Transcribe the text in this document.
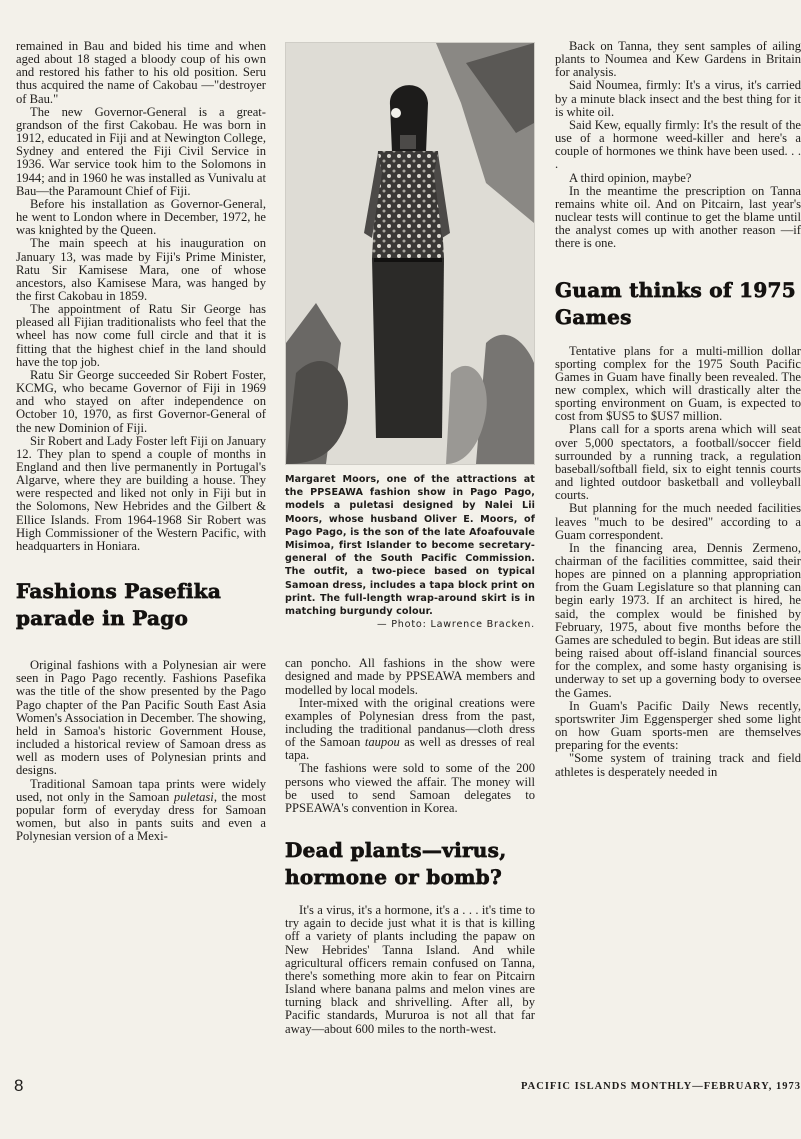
remained in Bau and bided his time and when aged about 18 staged a bloody coup of his own and restored his father to his old position. Seru thus acquired the name of Cakobau —"destroyer of Bau."

The new Governor-General is a great-grandson of the first Cakobau. He was born in 1912, educated in Fiji and at Newington College, Sydney and entered the Fiji Civil Service in 1936. War service took him to the Solomons in 1944; and in 1960 he was installed as Vunivalu at Bau—the Paramount Chief of Fiji.

Before his installation as Governor-General, he went to London where in December, 1972, he was knighted by the Queen.

The main speech at his inauguration on January 13, was made by Fiji's Prime Minister, Ratu Sir Kamisese Mara, one of whose ancestors, also Kamisese Mara, was hanged by the first Cakobau in 1859.

The appointment of Ratu Sir George has pleased all Fijian traditionalists who feel that the wheel has now come full circle and that it is fitting that the highest chief in the land should have the top job.

Ratu Sir George succeeded Sir Robert Foster, KCMG, who became Governor of Fiji in 1969 and who stayed on after independence on October 10, 1970, as first Governor-General of the new Dominion of Fiji.

Sir Robert and Lady Foster left Fiji on January 12. They plan to spend a couple of months in England and then live permanently in Portugal's Algarve, where they are building a house. They were respected and liked not only in Fiji but in the Solomons, New Hebrides and the Gilbert & Ellice Islands. From 1964-1968 Sir Robert was High Commissioner of the Western Pacific, with headquarters in Honiara.

Fashions Pasefika parade in Pago

Original fashions with a Polynesian air were seen in Pago Pago recently. Fashions Pasefika was the title of the show presented by the Pago Pago chapter of the Pan Pacific South East Asia Women's Association in December. The showing, held in Samoa's historic Government House, included a historical review of Samoan dress as well as modern uses of Polynesian prints and designs.

Traditional Samoan tapa prints were widely used, not only in the Samoan puletasi, the most popular form of everyday dress for Samoan women, but also in pants suits and even a Polynesian version of a Mexi-

Margaret Moors, one of the attractions at the PPSEAWA fashion show in Pago Pago, models a puletasi designed by Nalei Lii Moors, whose husband Oliver E. Moors, of Pago Pago, is the son of the late Afoafouvale Misimoa, first Islander to become secretary-general of the South Pacific Commission. The outfit, a two-piece based on typical Samoan dress, includes a tapa block print on print. The full-length wrap-around skirt is in matching burgundy colour.
— Photo: Lawrence Bracken.

can poncho. All fashions in the show were designed and made by PPSEAWA members and modelled by local models.

Inter-mixed with the original creations were examples of Polynesian dress from the past, including the traditional pandanus—cloth dress of the Samoan taupou as well as dresses of real tapa.

The fashions were sold to some of the 200 persons who viewed the affair. The money will be used to send Samoan delegates to PPSEAWA's convention in Korea.

Dead plants—virus, hormone or bomb?

It's a virus, it's a hormone, it's a . . . it's time to try again to decide just what it is that is killing off a variety of plants including the papaw on New Hebrides' Tanna Island. And while agricultural officers remain confused on Tanna, there's something more akin to fear on Pitcairn Island where banana palms and melon vines are turning black and shrivelling. After all, by Pacific standards, Mururoa is not all that far away—about 600 miles to the north-west.

Back on Tanna, they sent samples of ailing plants to Noumea and Kew Gardens in Britain for analysis.

Said Noumea, firmly: It's a virus, it's carried by a minute black insect and the best thing for it is white oil.

Said Kew, equally firmly: It's the result of the use of a hormone weed-killer and here's a couple of hormones we think have been used. . . .

A third opinion, maybe?

In the meantime the prescription on Tanna remains white oil. And on Pitcairn, last year's nuclear tests will continue to get the blame until the analyst comes up with another reason —if there is one.

Guam thinks of 1975 Games

Tentative plans for a multi-million dollar sporting complex for the 1975 South Pacific Games in Guam have finally been revealed. The new complex, which will drastically alter the sporting environment on Guam, is expected to cost from $US5 to $US7 million.

Plans call for a sports arena which will seat over 5,000 spectators, a football/soccer field surrounded by a running track, a regulation baseball/softball field, six to eight tennis courts and lighted outdoor basketball and volleyball courts.

But planning for the much needed facilities leaves "much to be desired" according to a Guam correspondent.

In the financing area, Dennis Zermeno, chairman of the facilities committee, said their hopes are pinned on a planning appropriation from the Guam Legislature so that planning can begin early 1973. If an architect is hired, he said, the complex would be finished by February, 1975, about five months before the Games are scheduled to begin. But ideas are still being raised about off-island financial sources for the complex, and some hasty organising is underway to set up a governing body to oversee the Games.

In Guam's Pacific Daily News recently, sportswriter Jim Eggensperger shed some light on how Guam sports-men are themselves preparing for the events:

"Some system of training track and field athletes is desperately needed in

8	PACIFIC ISLANDS MONTHLY—FEBRUARY, 1973
